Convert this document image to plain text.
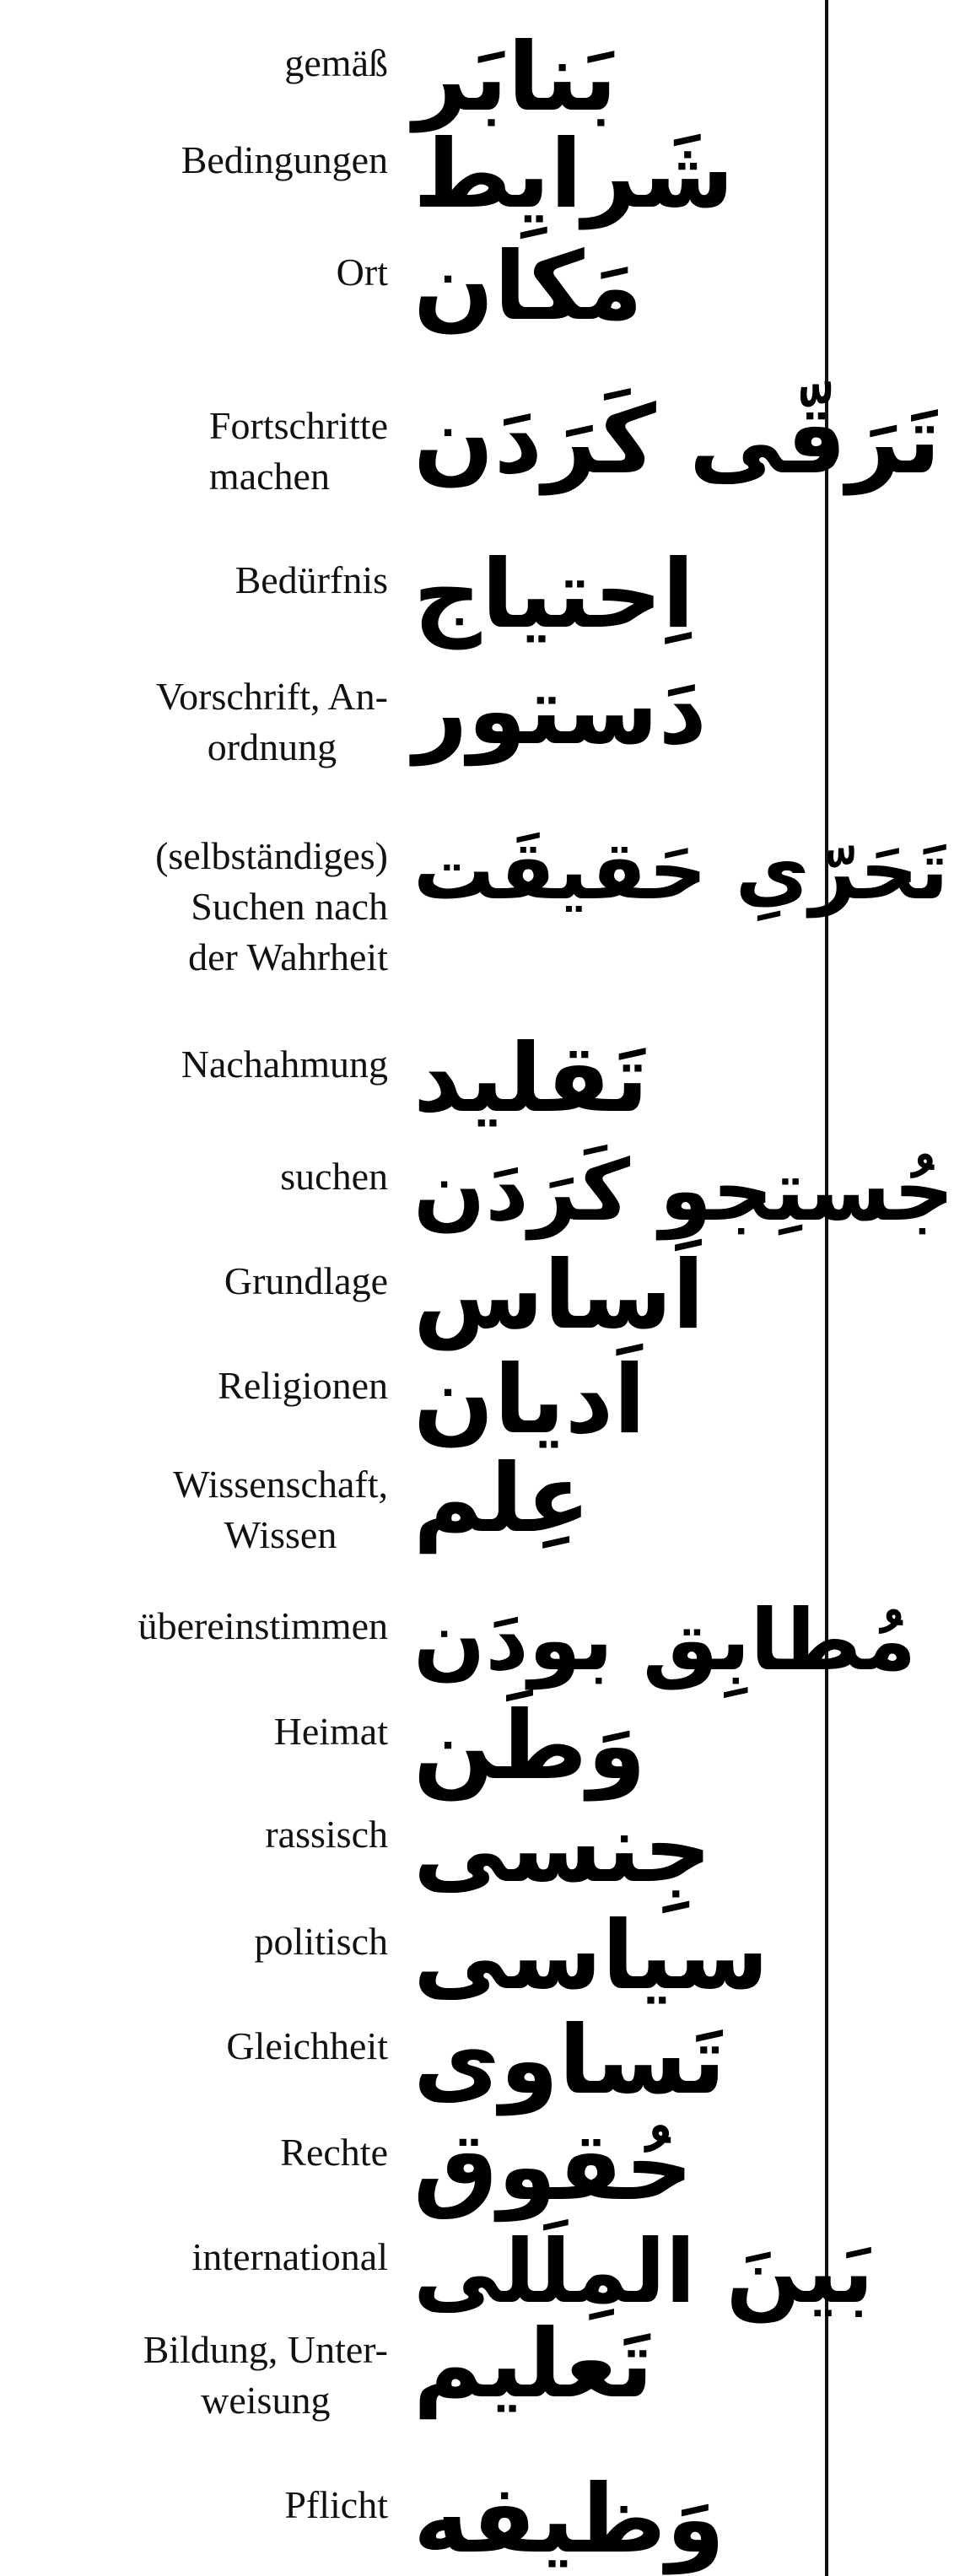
gemäß بَنابَر
Bedingungen شَرايِط
Ort مَكان
Fortschritte
machen تَرَقّی کَرَدَن
Bedürfnis اِحتياج
Vorschrift, An-
ordnung دَستور
(selbständiges)
Suchen nach
der Wahrheit
تَحَرّیِ حَقیقَت
Nachahmung تَقلید
suchen جُستِجو کَرَدَن
Grundlage اَساس
Religionen اَدیان
Wissenschaft,
Wissen عِلم
übereinstimmen مُطابِق بودَن
Heimat وَطَن
rassisch جِنسی
politisch سیاسی
Gleichheit تَساوی
Rechte حُقوق
international بَینَ المِلَلی
Bildung, Unter-
weisung تَعلیم
Pflicht وَظیفه
